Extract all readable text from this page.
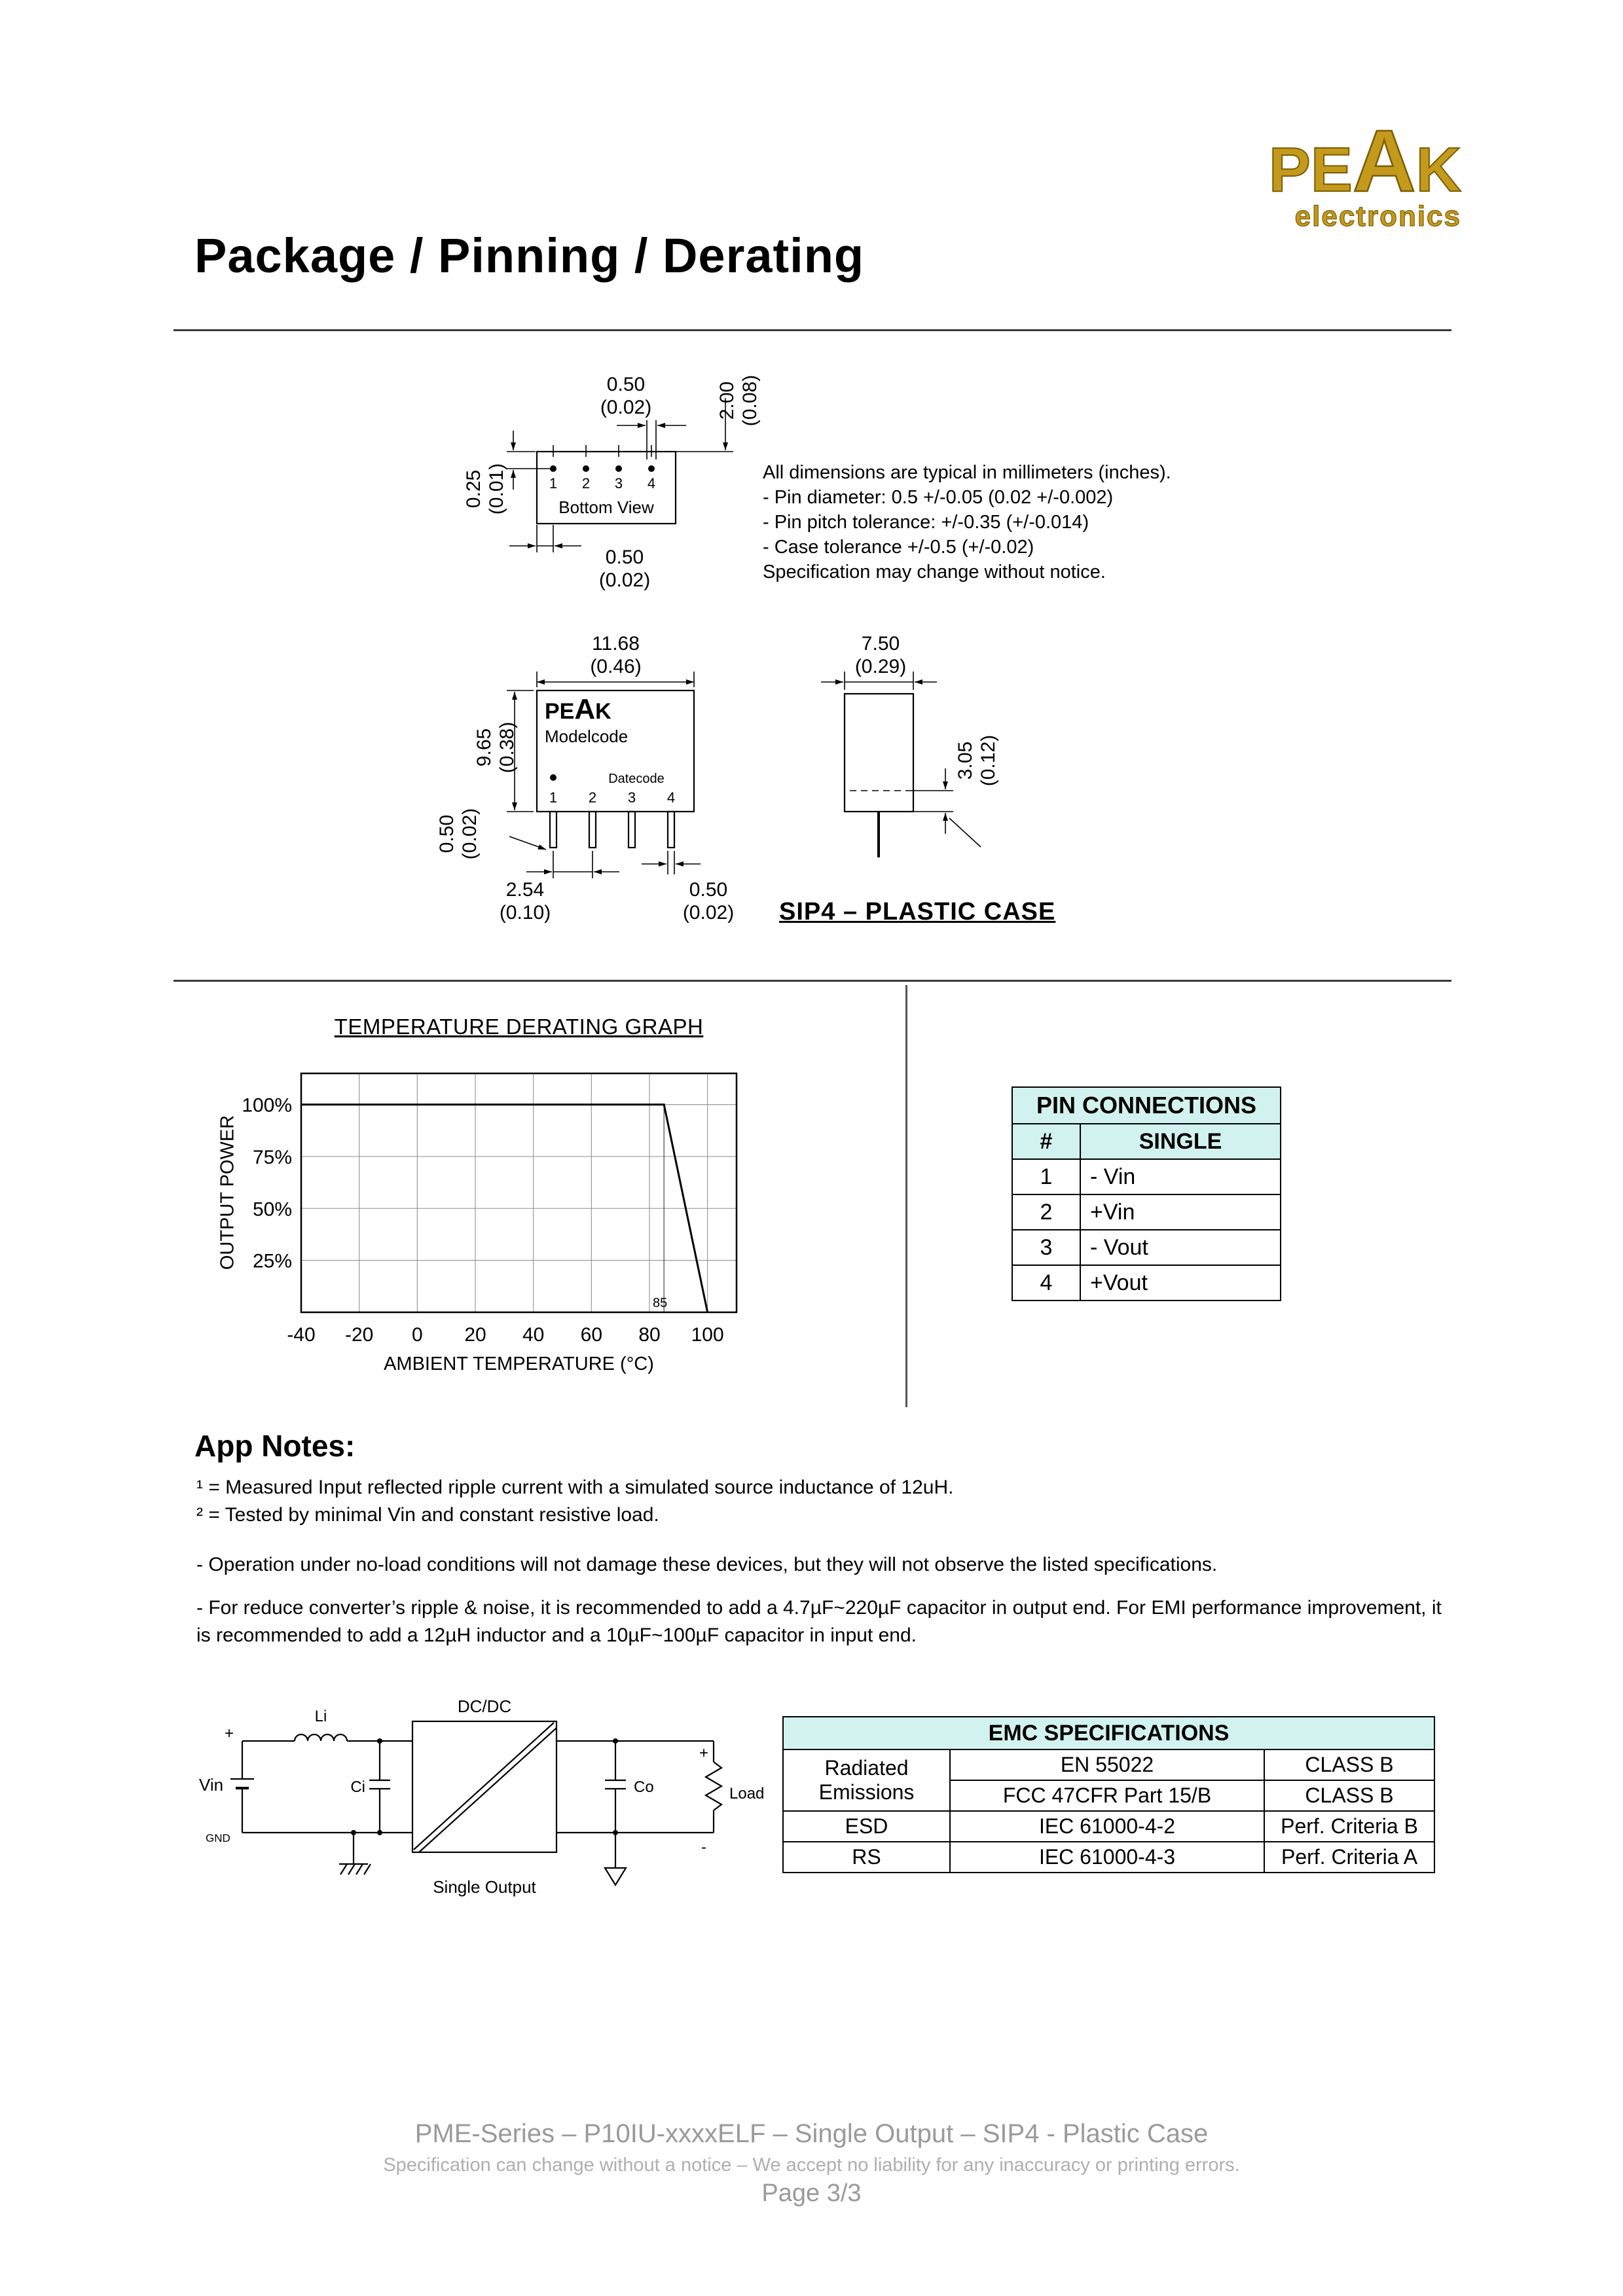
Package / Pinning / Derating
PEAK
electronics
1 2 3 4
Bottom View
0.50
(0.02)	2.00 (0.08)
0.25 (0.01)
0.50
(0.02)
All dimensions are typical in millimeters (inches).
- Pin diameter: 0.5 +/-0.05 (0.02 +/-0.002)
- Pin pitch tolerance: +/-0.35 (+/-0.014)
- Case tolerance +/-0.5 (+/-0.02)
Specification may change without notice.
PEAK
Modelcode
Datecode
1 2 3 4
11.68
(0.46)
9.65 (0.38)
0.50 (0.02)
2.54
(0.10)
0.50
(0.02)
7.50
(0.29)
3.05 (0.12)
SIP4 – PLASTIC CASE
TEMPERATURE DERATING GRAPH
-40 -20 0 20 40 60 80 100
25%
50%
75%
100%
85
OUTPUT POWER
AMBIENT TEMPERATURE (°C)
PIN CONNECTIONS	
#	SINGLE
1	- Vin
2	+Vin
3	- Vout
4	+Vout
App Notes:
¹ = Measured Input reflected ripple current with a simulated source inductance of 12uH.
² = Tested by minimal Vin and constant resistive load.
- Operation under no-load conditions will not damage these devices, but they will not observe the listed specifications.
- For reduce converter’s ripple & noise, it is recommended to add a 4.7µF~220µF capacitor in output end. For EMI performance improvement, it is recommended to add a 12µH inductor and a 10µF~100µF capacitor in input end.
Vin
+
GND
Li
Ci
DC/DC
Co	Load
+
-
Single Output
EMC SPECIFICATIONS		
Radiated Emissions	EN 55022	CLASS B
	FCC 47CFR Part 15/B	CLASS B
ESD	IEC 61000-4-2	Perf. Criteria B
RS	IEC 61000-4-3	Perf. Criteria A
PME-Series – P10IU-xxxxELF – Single Output – SIP4 - Plastic Case
Specification can change without a notice – We accept no liability for any inaccuracy or printing errors.
Page 3/3
